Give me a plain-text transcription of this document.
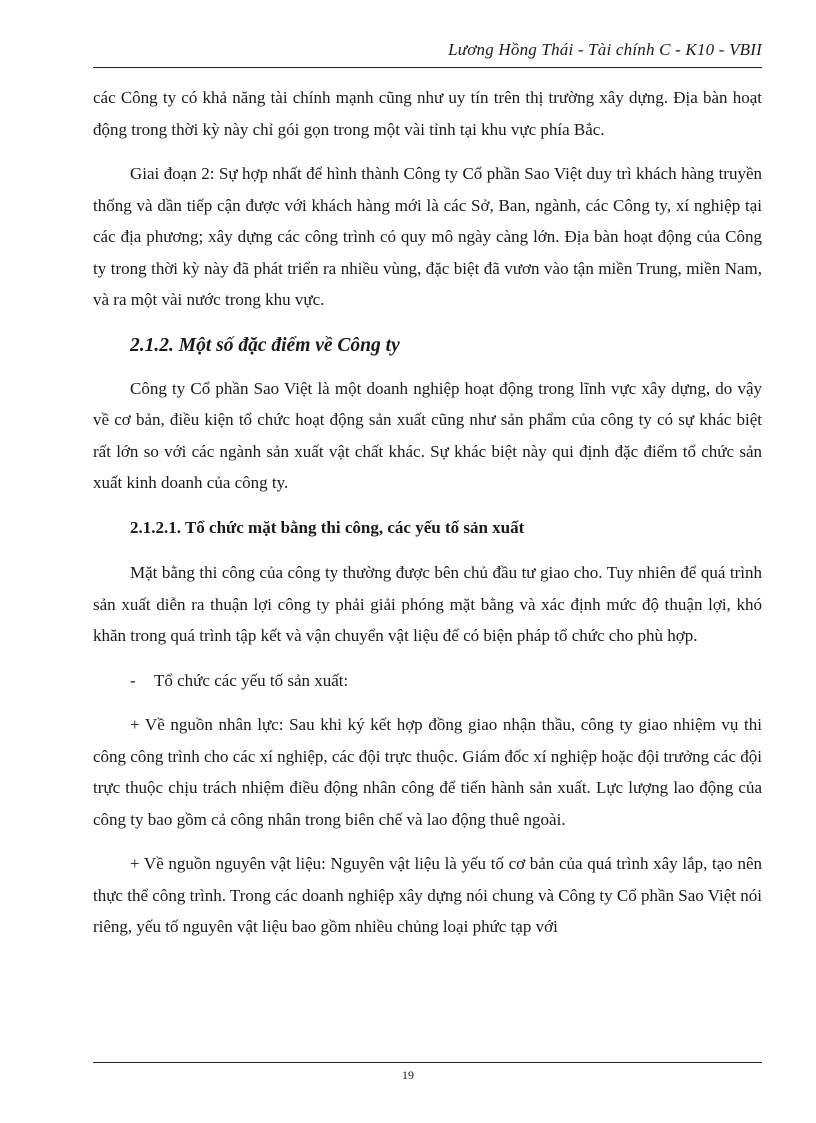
Lương Hồng Thái - Tài chính C - K10 - VBII

các Công ty có khả năng tài chính mạnh cũng như uy tín trên thị trường xây dựng. Địa bàn hoạt động trong thời kỳ này chỉ gói gọn trong một vài tỉnh tại khu vực phía Bắc.

Giai đoạn 2: Sự hợp nhất để hình thành Công ty Cổ phần Sao Việt duy trì khách hàng truyền thống và dần tiếp cận được với khách hàng mới là các Sở, Ban, ngành, các Công ty, xí nghiệp tại các địa phương; xây dựng các công trình có quy mô ngày càng lớn. Địa bàn hoạt động của Công ty trong thời kỳ này đã phát triển ra nhiều vùng, đặc biệt đã vươn vào tận miền Trung, miền Nam, và ra một vài nước trong khu vực.

2.1.2. Một số đặc điểm về Công ty

Công ty Cổ phần Sao Việt là một doanh nghiệp hoạt động trong lĩnh vực xây dựng, do vậy về cơ bản, điều kiện tổ chức hoạt động sản xuất cũng như sản phẩm của công ty có sự khác biệt rất lớn so với các ngành sản xuất vật chất khác. Sự khác biệt này qui định đặc điểm tổ chức sản xuất kinh doanh của công ty.

2.1.2.1. Tổ chức mặt bằng thi công, các yếu tố sản xuất

Mặt bằng thi công của công ty thường được bên chủ đầu tư giao cho. Tuy nhiên để quá trình sản xuất diễn ra thuận lợi công ty phải giải phóng mặt bằng và xác định mức độ thuận lợi, khó khăn trong quá trình tập kết và vận chuyển vật liệu để có biện pháp tổ chức cho phù hợp.

- Tổ chức các yếu tố sản xuất:

+ Về nguồn nhân lực: Sau khi ký kết hợp đồng giao nhận thầu, công ty giao nhiệm vụ thi công công trình cho các xí nghiệp, các đội trực thuộc. Giám đốc xí nghiệp hoặc đội trưởng các đội trực thuộc chịu trách nhiệm điều động nhân công để tiến hành sản xuất. Lực lượng lao động của công ty bao gồm cả công nhân trong biên chế và lao động thuê ngoài.

+ Về nguồn nguyên vật liệu: Nguyên vật liệu là yếu tố cơ bản của quá trình xây lắp, tạo nên thực thể công trình. Trong các doanh nghiệp xây dựng nói chung và Công ty Cổ phần Sao Việt nói riêng, yếu tố nguyên vật liệu bao gồm nhiều chủng loại phức tạp với

19
